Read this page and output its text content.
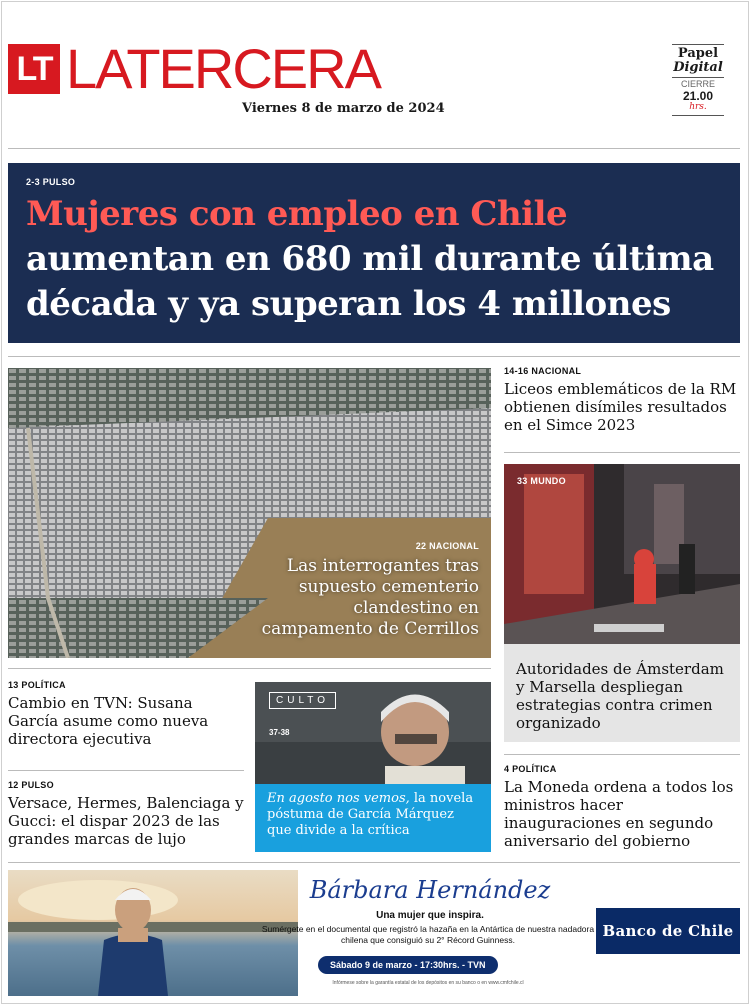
LT LATERCERA
Viernes 8 de marzo de 2024
Papel
Digital
CIERRE
21.00
hrs.
2-3 PULSO
Mujeres con empleo en Chile
aumentan en 680 mil durante última década y ya superan los 4 millones
22 NACIONAL
Las interrogantes tras supuesto cementerio clandestino en campamento de Cerrillos
14-16 NACIONAL
Liceos emblemáticos de la RM obtienen disímiles resultados en el Simce 2023
33 MUNDO
Autoridades de Ámsterdam y Marsella despliegan estrategias contra crimen organizado
13 POLÍTICA
Cambio en TVN: Susana García asume como nueva directora ejecutiva
12 PULSO
Versace, Hermes, Balenciaga y Gucci: el dispar 2023 de las grandes marcas de lujo
CULTO
37-38
En agosto nos vemos, la novela póstuma de García Márquez que divide a la crítica
4 POLÍTICA
La Moneda ordena a todos los ministros hacer inauguraciones en segundo aniversario del gobierno
Bárbara Hernández
Una mujer que inspira.
Sumérgete en el documental que registró la hazaña en la Antártica de nuestra nadadora chilena que consiguió su 2° Récord Guinness.
Sábado 9 de marzo - 17:30hrs. - TVN
Infórmese sobre la garantía estatal de los depósitos en su banco o en www.cmfchile.cl
Banco de Chile
